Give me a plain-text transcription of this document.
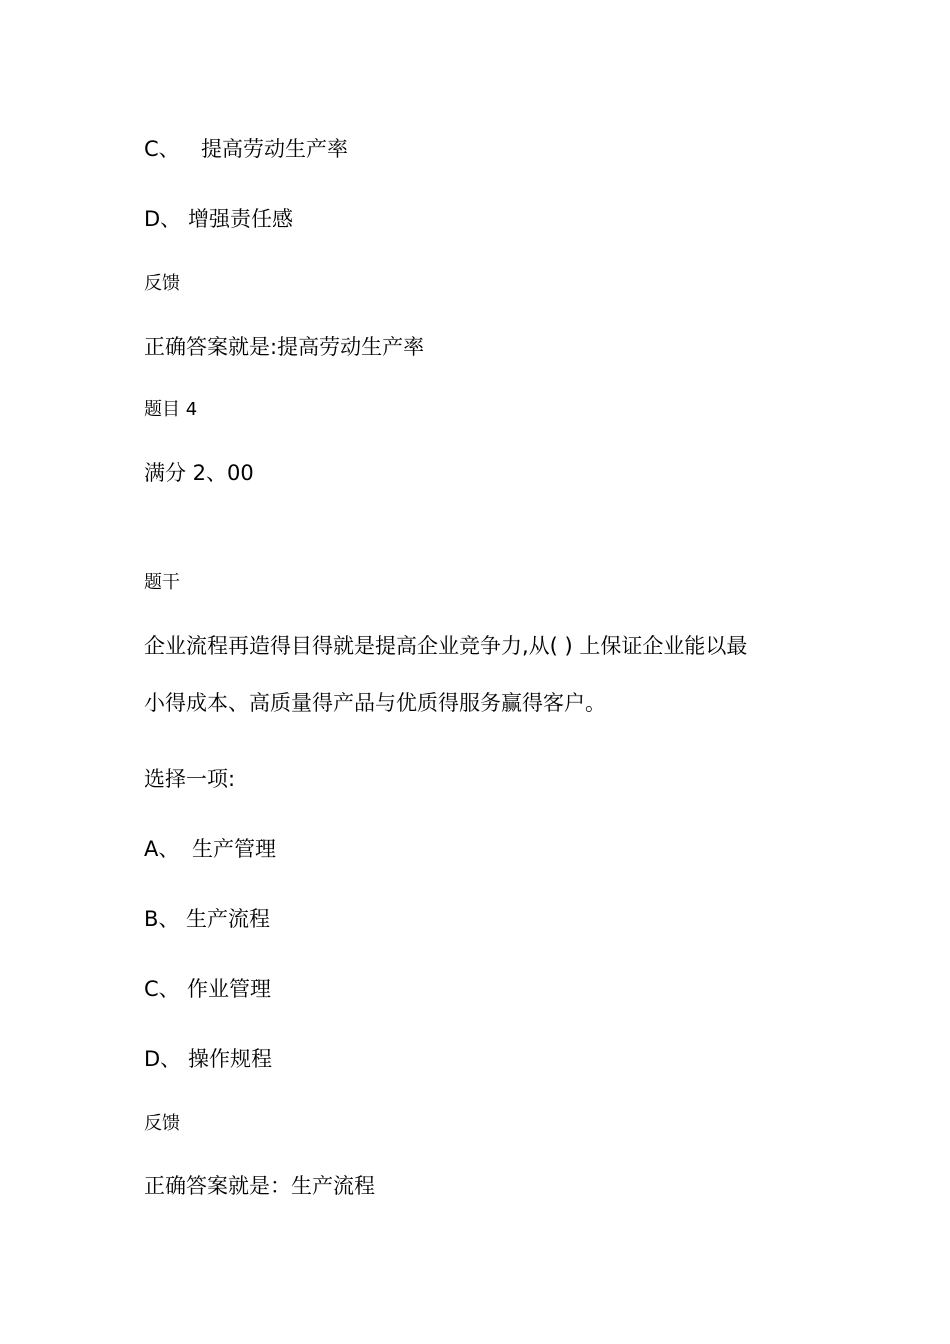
C、 提高劳动生产率
D、 增强责任感
反馈
正确答案就是:提高劳动生产率
题目 4
满分 2、00
题干
企业流程再造得目得就是提高企业竞争力,从( ) 上保证企业能以最
小得成本、高质量得产品与优质得服务赢得客户。
选择一项:
A、 生产管理
B、 生产流程
C、 作业管理
D、 操作规程
反馈
正确答案就是：生产流程
